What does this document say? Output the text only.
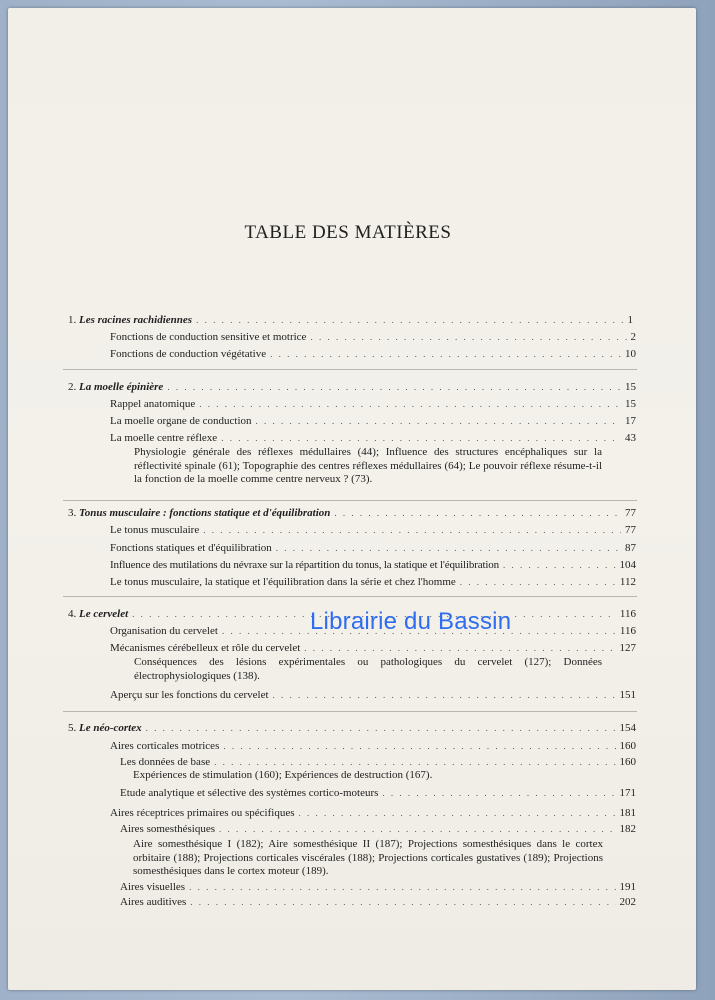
TABLE DES MATIÈRES
1. Les racines rachidiennes . . .	1
Fonctions de conduction sensitive et motrice . . .	2
Fonctions de conduction végétative . . .	10
2. La moelle épinière . . .	15
Rappel anatomique . . .	15
La moelle organe de conduction . . .	17
La moelle centre réflexe . . .	43
Physiologie générale des réflexes médullaires (44); Influence des structures encéphaliques sur la réflectivité spinale (61); Topographie des centres réflexes médullaires (64); Le pouvoir réflexe résume-t-il la fonction de la moelle comme centre nerveux ? (73).
3. Tonus musculaire : fonctions statique et d'équilibration . . .	77
Le tonus musculaire . . .	77
Fonctions statiques et d'équilibration . . .	87
Influence des mutilations du névraxe sur la répartition du tonus, la statique et l'équilibration . . .	104
Le tonus musculaire, la statique et l'équilibration dans la série et chez l'homme . . .	112
4. Le cervelet . . .	116
Organisation du cervelet . . .	116
Mécanismes cérébelleux et rôle du cervelet . . .	127
Conséquences des lésions expérimentales ou pathologiques du cervelet (127); Données électrophysiologiques (138).
Aperçu sur les fonctions du cervelet . . .	151
5. Le néo-cortex . . .	154
Aires corticales motrices . . .	160
Les données de base . . .	160
Expériences de stimulation (160); Expériences de destruction (167).
Etude analytique et sélective des systèmes cortico-moteurs . . .	171
Aires réceptrices primaires ou spécifiques . . .	181
Aires somesthésiques . . .	182
Aire somesthésique I (182); Aire somesthésique II (187); Projections somesthésiques dans le cortex orbitaire (188); Projections corticales viscérales (188); Projections corticales gustatives (189); Projections somesthésiques dans le cortex moteur (189).
Aires visuelles . . .	191
Aires auditives . . .	202
Librairie du Bassin
